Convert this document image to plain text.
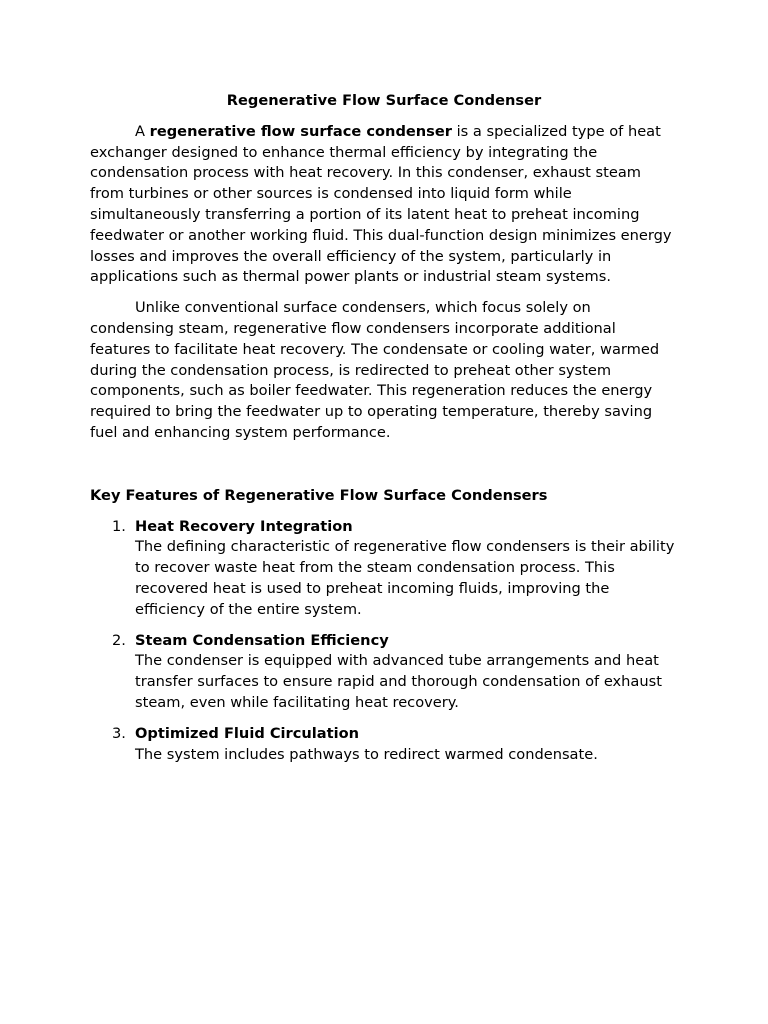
Regenerative Flow Surface Condenser

A regenerative flow surface condenser is a specialized type of heat exchanger designed to enhance thermal efficiency by integrating the condensation process with heat recovery. In this condenser, exhaust steam from turbines or other sources is condensed into liquid form while simultaneously transferring a portion of its latent heat to preheat incoming feedwater or another working fluid. This dual-function design minimizes energy losses and improves the overall efficiency of the system, particularly in applications such as thermal power plants or industrial steam systems.

Unlike conventional surface condensers, which focus solely on condensing steam, regenerative flow condensers incorporate additional features to facilitate heat recovery. The condensate or cooling water, warmed during the condensation process, is redirected to preheat other system components, such as boiler feedwater. This regeneration reduces the energy required to bring the feedwater up to operating temperature, thereby saving fuel and enhancing system performance.

Key Features of Regenerative Flow Surface Condensers
1. Heat Recovery Integration
The defining characteristic of regenerative flow condensers is their ability to recover waste heat from the steam condensation process. This recovered heat is used to preheat incoming fluids, improving the efficiency of the entire system.
2. Steam Condensation Efficiency
The condenser is equipped with advanced tube arrangements and heat transfer surfaces to ensure rapid and thorough condensation of exhaust steam, even while facilitating heat recovery.
3. Optimized Fluid Circulation
The system includes pathways to redirect warmed condensate.
